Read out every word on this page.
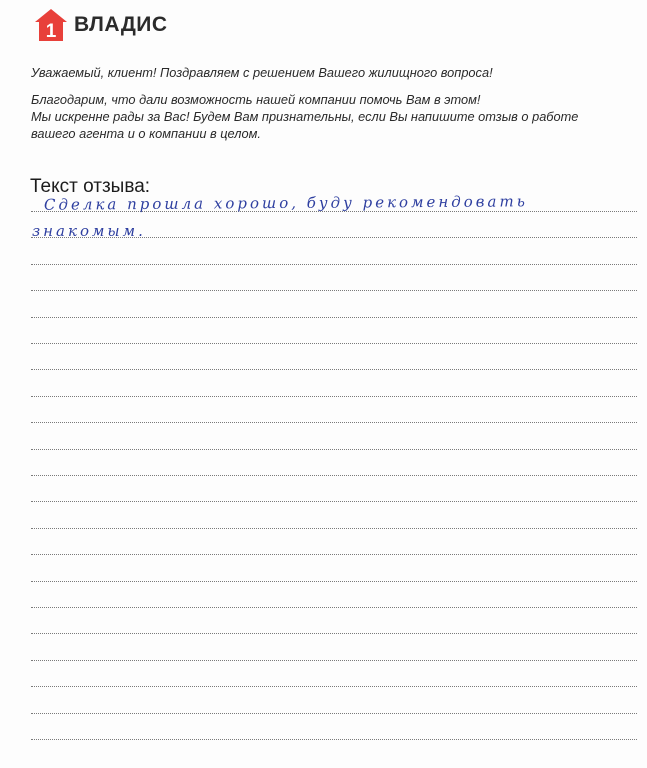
1 ВЛАДИС
Уважаемый, клиент! Поздравляем с решением Вашего жилищного вопроса!
Благодарим, что дали возможность нашей компании помочь Вам в этом!
Мы искренне рады за Вас! Будем Вам признательны, если Вы напишите отзыв о работе
вашего агента и о компании в целом.
Текст отзыва:
Сделка прошла хорошо, буду рекомендовать
знакомым.
